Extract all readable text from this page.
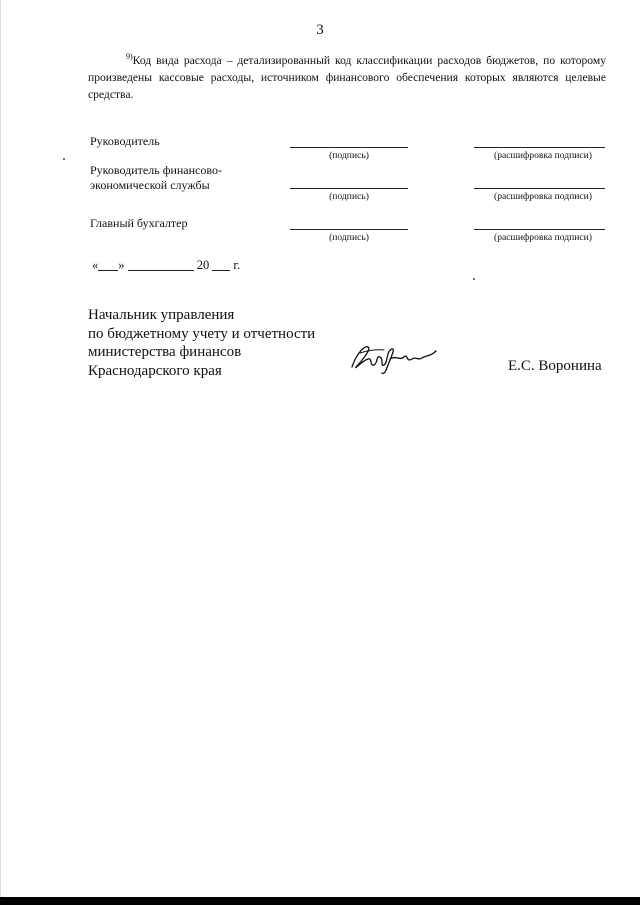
3
$^{9)}$Код вида расхода – детализированный код классификации расходов бюджетов, по которому произведены кассовые расходы, источником финансового обеспечения которых являются целевые средства.
Руководитель
(подпись)	(расшифровка подписи)
Руководитель финансово-
экономической службы
(подпись)	(расшифровка подписи)
Главный бухгалтер
(подпись)	(расшифровка подписи)
« »	20 г.
Начальник управления
по бюджетному учету и отчетности
министерства финансов
Краснодарского края	Е.С. Воронина
